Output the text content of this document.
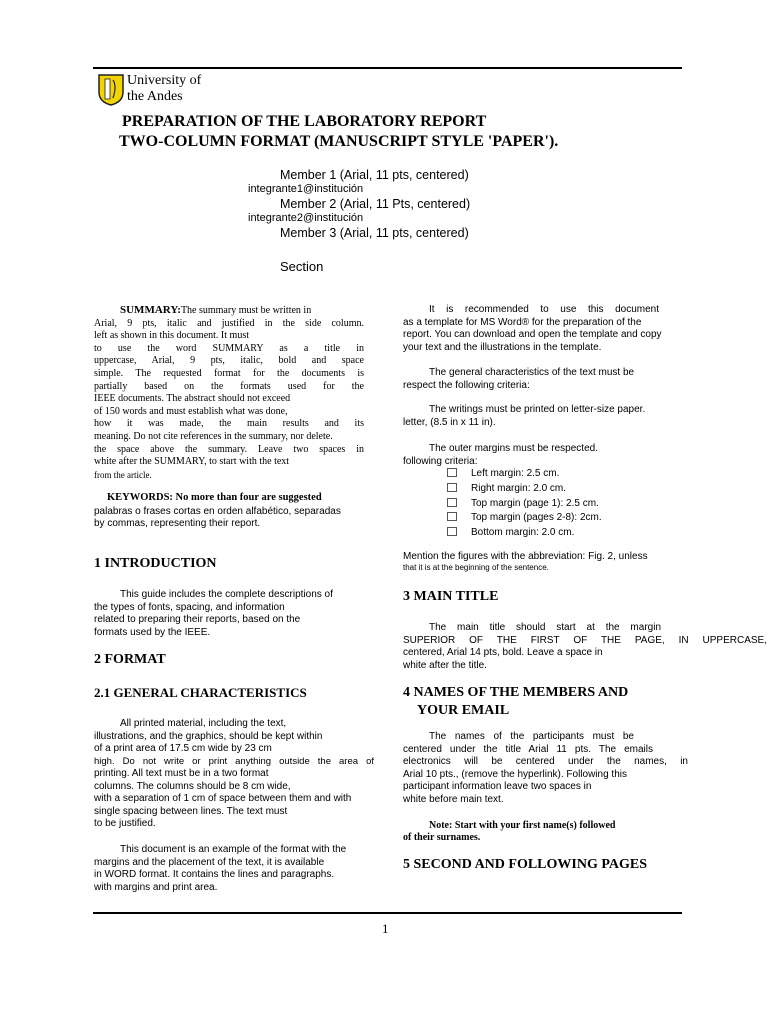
University of
the Andes
PREPARATION OF THE LABORATORY REPORT
TWO-COLUMN FORMAT (MANUSCRIPT STYLE 'PAPER').
Member 1 (Arial, 11 pts, centered)
integrante1@institución
Member 2 (Arial, 11 Pts, centered)
integrante2@institución
Member 3 (Arial, 11 pts, centered)
Section
SUMMARY:The summary must be written in
Arial, 9 pts, italic and justified in the side column.
left as shown in this document. It must
to use the word SUMMARY as a title in
uppercase, Arial, 9 pts, italic, bold and space
simple. The requested format for the documents is
partially based on the formats used for the
IEEE documents. The abstract should not exceed
of 150 words and must establish what was done,
how it was made, the main results and its
meaning. Do not cite references in the summary, nor delete.
the space above the summary. Leave two spaces in
white after the SUMMARY, to start with the text
from the article.
KEYWORDS: No more than four are suggested
palabras o frases cortas en orden alfabético, separadas
by commas, representing their report.
1 INTRODUCTION
This guide includes the complete descriptions of
the types of fonts, spacing, and information
related to preparing their reports, based on the
formats used by the IEEE.
2 FORMAT
2.1 GENERAL CHARACTERISTICS
All printed material, including the text,
illustrations, and the graphics, should be kept within
of a print area of 17.5 cm wide by 23 cm
high. Do not write or print anything outside the area of
printing. All text must be in a two format
columns. The columns should be 8 cm wide,
with a separation of 1 cm of space between them and with
single spacing between lines. The text must
to be justified.
This document is an example of the format with the
margins and the placement of the text, it is available
in WORD format. It contains the lines and paragraphs.
with margins and print area.
It is recommended to use this document
as a template for MS Word® for the preparation of the
report. You can download and open the template and copy
your text and the illustrations in the template.
The general characteristics of the text must be
respect the following criteria:
The writings must be printed on letter-size paper.
letter, (8.5 in x 11 in).
The outer margins must be respected.
following criteria:
Left margin: 2.5 cm.
Right margin: 2.0 cm.
Top margin (page 1): 2.5 cm.
Top margin (pages 2-8): 2cm.
Bottom margin: 2.0 cm.
Mention the figures with the abbreviation: Fig. 2, unless
that it is at the beginning of the sentence.
3 MAIN TITLE
The main title should start at the margin
SUPERIOR OF THE FIRST OF THE PAGE, IN UPPERCASE,
centered, Arial 14 pts, bold. Leave a space in
white after the title.
4 NAMES OF THE MEMBERS AND
YOUR EMAIL
The names of the participants must be
centered under the title Arial 11 pts. The emails
electronics will be centered under the names, in
Arial 10 pts., (remove the hyperlink). Following this
participant information leave two spaces in
white before main text.
Note: Start with your first name(s) followed
of their surnames.
5 SECOND AND FOLLOWING PAGES
1
